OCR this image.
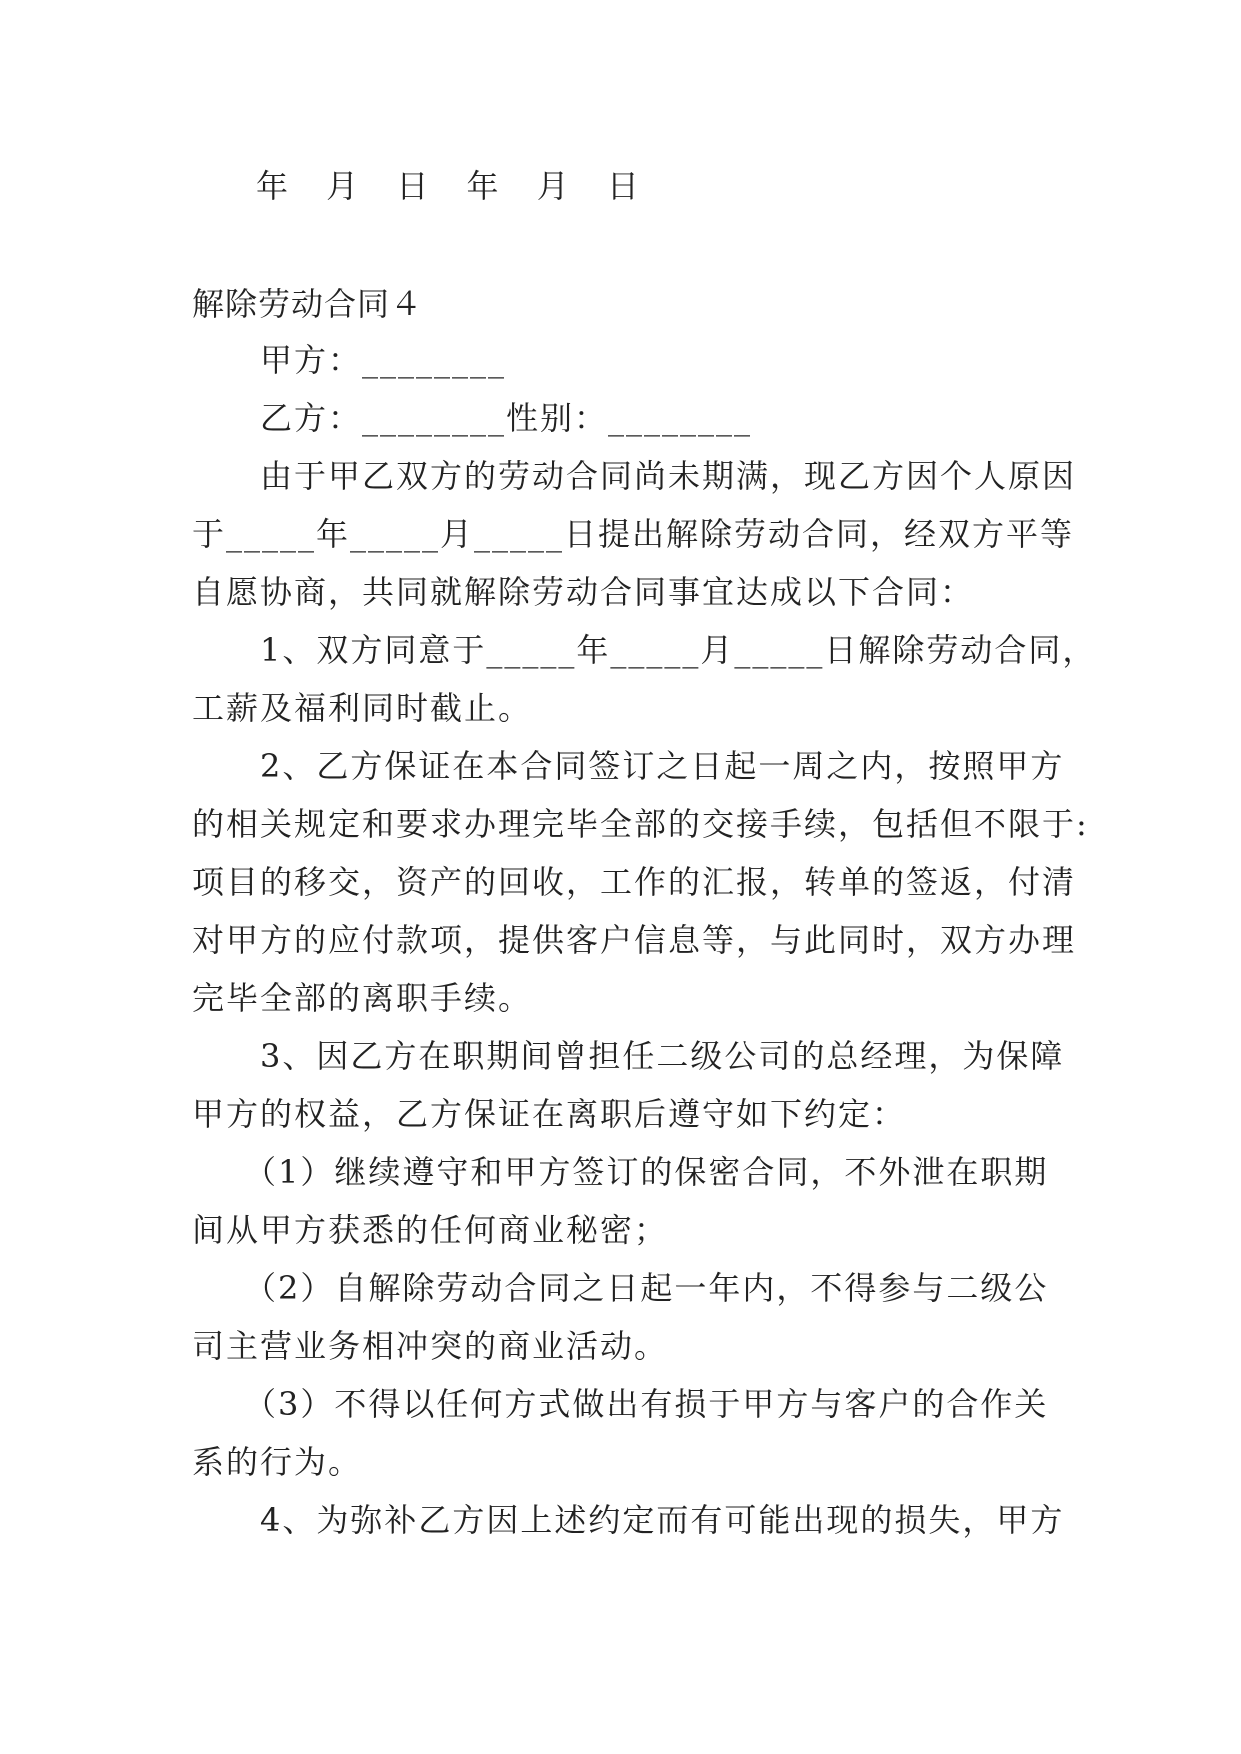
年 月 日 年 月 日
解除劳动合同４
　　甲方：________
　　乙方：________性别：________
　　由于甲乙双方的劳动合同尚未期满，现乙方因个人原因
于_____年_____月_____日提出解除劳动合同，经双方平等
自愿协商，共同就解除劳动合同事宜达成以下合同：
　　1、双方同意于_____年_____月_____日解除劳动合同，
工薪及福利同时截止。
　　2、乙方保证在本合同签订之日起一周之内，按照甲方
的相关规定和要求办理完毕全部的交接手续，包括但不限于:
项目的移交，资产的回收，工作的汇报，转单的签返，付清
对甲方的应付款项，提供客户信息等，与此同时，双方办理
完毕全部的离职手续。
　　3、因乙方在职期间曾担任二级公司的总经理，为保障
甲方的权益，乙方保证在离职后遵守如下约定：
　　（1）继续遵守和甲方签订的保密合同，不外泄在职期
间从甲方获悉的任何商业秘密；
　　（2）自解除劳动合同之日起一年内，不得参与二级公
司主营业务相冲突的商业活动。
　　（3）不得以任何方式做出有损于甲方与客户的合作关
系的行为。
　　4、为弥补乙方因上述约定而有可能出现的损失，甲方
